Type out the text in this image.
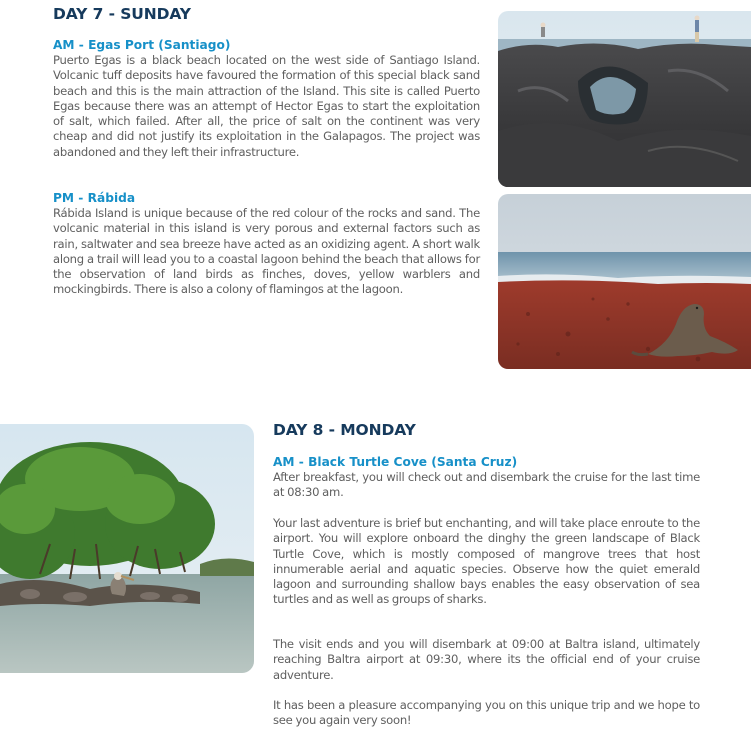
DAY 7 - SUNDAY
AM - Egas Port (Santiago)

Puerto Egas is a black beach located on the west side of Santiago Island. Volcanic tuff deposits have favoured the formation of this special black sand beach and this is the main attraction of the Island. This site is called Puerto Egas because there was an attempt of Hector Egas to start the exploitation of salt, which failed. After all, the price of salt on the continent was very cheap and did not justify its exploitation in the Galapagos. The project was abandoned and they left their infrastructure.

PM - Rábida

Rábida Island is unique because of the red colour of the rocks and sand. The volcanic material in this island is very porous and external factors such as rain, saltwater and sea breeze have acted as an oxidizing agent. A short walk along a trail will lead you to a coastal lagoon behind the beach that allows for the observation of land birds as finches, doves, yellow warblers and mockingbirds. There is also a colony of flamingos at the lagoon.

DAY 8 - MONDAY
AM - Black Turtle Cove (Santa Cruz)

After breakfast, you will check out and disembark the cruise for the last time at 08:30 am.

Your last adventure is brief but enchanting, and will take place enroute to the airport. You will explore onboard the dinghy the green landscape of Black Turtle Cove, which is mostly composed of mangrove trees that host innumerable aerial and aquatic species. Observe how the quiet emerald lagoon and surrounding shallow bays enables the easy observation of sea turtles and as well as groups of sharks.

The visit ends and you will disembark at 09:00 at Baltra island, ultimately reaching Baltra airport at 09:30, where its the official end of your cruise adventure.

It has been a pleasure accompanying you on this unique trip and we hope to see you again very soon!
